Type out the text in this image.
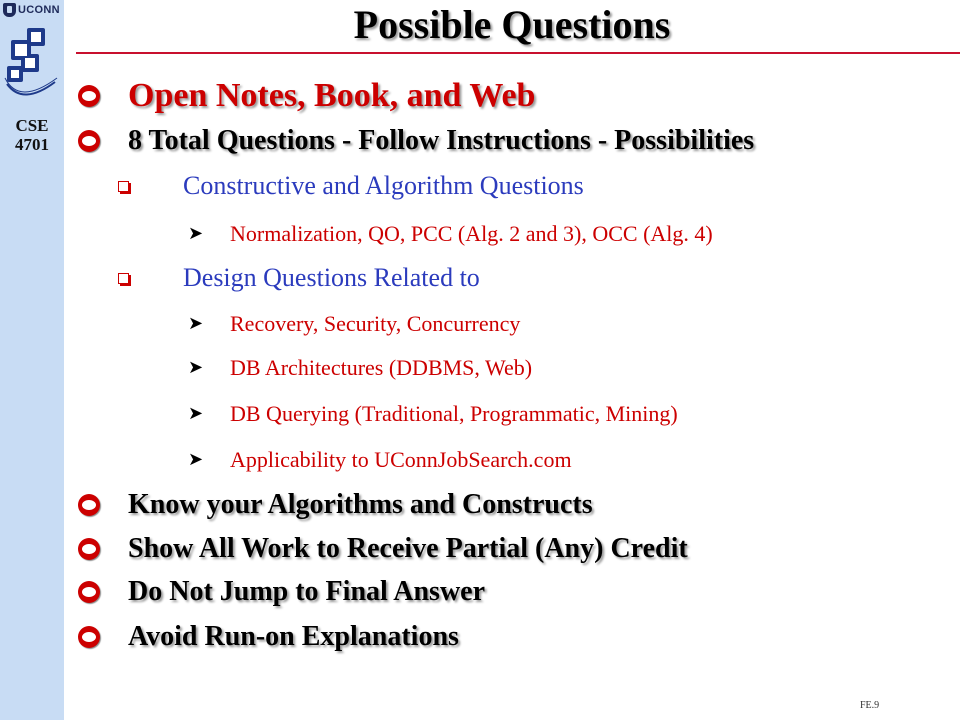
UCONN
CSE
4701
Possible Questions
Open Notes, Book, and Web
8 Total Questions - Follow Instructions - Possibilities
Constructive and Algorithm Questions
➤ Normalization, QO, PCC (Alg. 2 and 3), OCC (Alg. 4)
Design Questions Related to
➤ Recovery, Security, Concurrency
➤ DB Architectures (DDBMS, Web)
➤ DB Querying (Traditional, Programmatic, Mining)
➤ Applicability to UConnJobSearch.com
Know your Algorithms and Constructs
Show All Work to Receive Partial (Any) Credit
Do Not Jump to Final Answer
Avoid Run-on Explanations
FE.9
